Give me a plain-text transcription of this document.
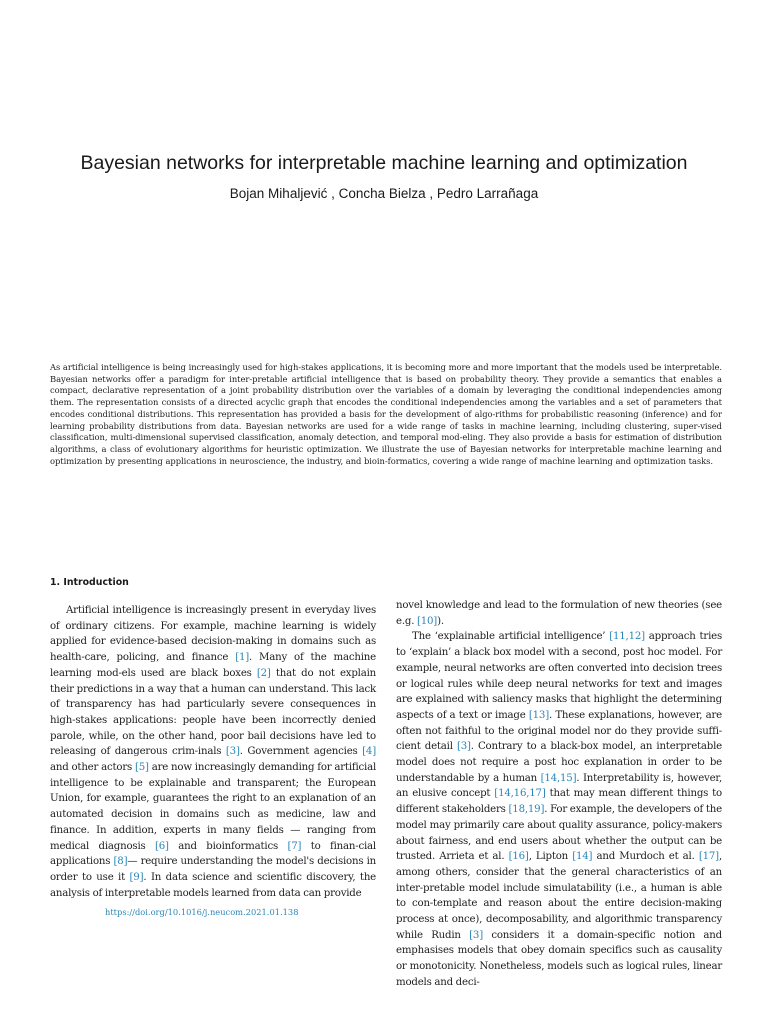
Bayesian networks for interpretable machine learning and optimization
Bojan Mihaljević , Concha Bielza , Pedro Larrañaga
As artificial intelligence is being increasingly used for high-stakes applications, it is becoming more and more important that the models used be interpretable. Bayesian networks offer a paradigm for inter-pretable artificial intelligence that is based on probability theory. They provide a semantics that enables a compact, declarative representation of a joint probability distribution over the variables of a domain by leveraging the conditional independencies among them. The representation consists of a directed acyclic graph that encodes the conditional independencies among the variables and a set of parameters that encodes conditional distributions. This representation has provided a basis for the development of algo-rithms for probabilistic reasoning (inference) and for learning probability distributions from data. Bayesian networks are used for a wide range of tasks in machine learning, including clustering, super-vised classification, multi-dimensional supervised classification, anomaly detection, and temporal mod-eling. They also provide a basis for estimation of distribution algorithms, a class of evolutionary algorithms for heuristic optimization. We illustrate the use of Bayesian networks for interpretable machine learning and optimization by presenting applications in neuroscience, the industry, and bioin-formatics, covering a wide range of machine learning and optimization tasks.
1. Introduction

Artificial intelligence is increasingly present in everyday lives of ordinary citizens. For example, machine learning is widely applied for evidence-based decision-making in domains such as health-care, policing, and finance [1]. Many of the machine learning mod-els used are black boxes [2] that do not explain their predictions in a way that a human can understand. This lack of transparency has had particularly severe consequences in high-stakes applications: people have been incorrectly denied parole, while, on the other hand, poor bail decisions have led to releasing of dangerous crim-inals [3]. Government agencies [4] and other actors [5] are now increasingly demanding for artificial intelligence to be explainable and transparent; the European Union, for example, guarantees the right to an explanation of an automated decision in domains such as medicine, law and finance. In addition, experts in many fields — ranging from medical diagnosis [6] and bioinformatics [7] to finan-cial applications [8]— require understanding the model's decisions in order to use it [9]. In data science and scientific discovery, the analysis of interpretable models learned from data can provide

novel knowledge and lead to the formulation of new theories (see e.g. [10]).

The ‘explainable artificial intelligence’ [11,12] approach tries to ‘explain’ a black box model with a second, post hoc model. For example, neural networks are often converted into decision trees or logical rules while deep neural networks for text and images are explained with saliency masks that highlight the determining aspects of a text or image [13]. These explanations, however, are often not faithful to the original model nor do they provide suffi-cient detail [3]. Contrary to a black-box model, an interpretable model does not require a post hoc explanation in order to be understandable by a human [14,15]. Interpretability is, however, an elusive concept [14,16,17] that may mean different things to different stakeholders [18,19]. For example, the developers of the model may primarily care about quality assurance, policy-makers about fairness, and end users about whether the output can be trusted. Arrieta et al. [16], Lipton [14] and Murdoch et al. [17], among others, consider that the general characteristics of an inter-pretable model include simulatability (i.e., a human is able to con-template and reason about the entire decision-making process at once), decomposability, and algorithmic transparency while Rudin [3] considers it a domain-specific notion and emphasises models that obey domain specifics such as causality or monotonicity. Nonetheless, models such as logical rules, linear models and deci-

https://doi.org/10.1016/j.neucom.2021.01.138
